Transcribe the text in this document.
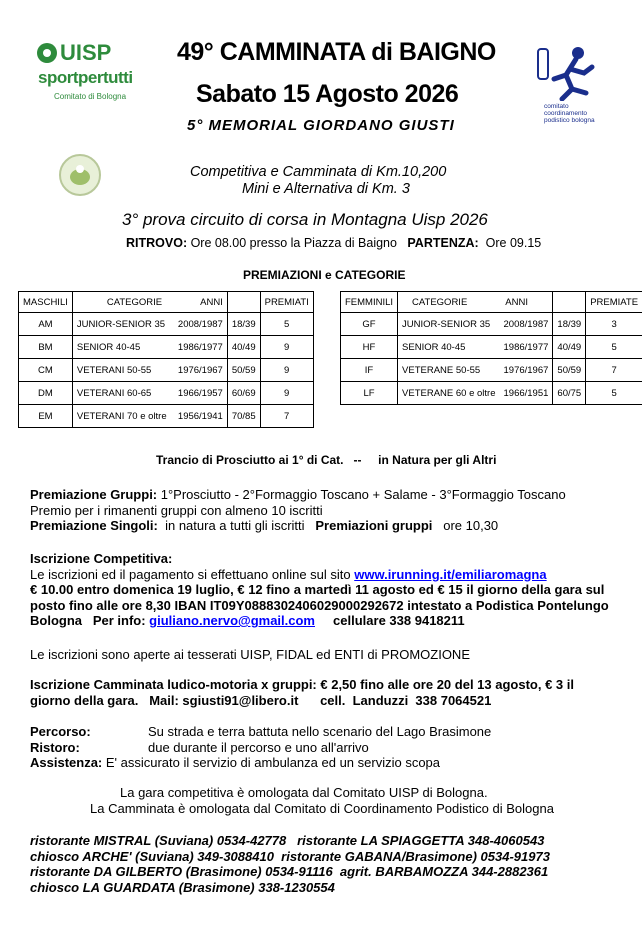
UISP
sportpertutti
Comitato di Bologna
comitato coordinamento podistico bologna
49° CAMMINATA di BAIGNO
Sabato 15 Agosto 2026
5° MEMORIAL GIORDANO GIUSTI
Competitiva e Camminata di Km.10,200
Mini e Alternativa di Km. 3
3° prova circuito di corsa in Montagna Uisp 2026
RITROVO: Ore 08.00 presso la Piazza di Baigno PARTENZA: Ore 09.15
PREMIAZIONI e CATEGORIE
MASCHILI	CATEGORIE ANNI			PREMIATI
AM	JUNIOR-SENIOR 35	2008/1987	18/39	5
BM	SENIOR 40-45	1986/1977	40/49	9
CM	VETERANI 50-55	1976/1967	50/59	9
DM	VETERANI 60-65	1966/1957	60/69	9
EM	VETERANI 70 e oltre	1956/1941	70/85	7
FEMMINILI	CATEGORIE ANNI			PREMIATE
GF	JUNIOR-SENIOR 35	2008/1987	18/39	3
HF	SENIOR 40-45	1986/1977	40/49	5
IF	VETERANE 50-55	1976/1967	50/59	7
LF	VETERANE 60 e oltre	1966/1951	60/75	5
Trancio di Prosciutto ai 1° di Cat.   --     in Natura per gli Altri
Premiazione Gruppi: 1°Prosciutto - 2°Formaggio Toscano + Salame - 3°Formaggio Toscano
Premio per i rimanenti gruppi con almeno 10 iscritti
Premiazione Singoli:  in natura a tutti gli iscritti   Premiazioni gruppi   ore 10,30
Iscrizione Competitiva:
Le iscrizioni ed il pagamento si effettuano online sul sito www.irunning.it/emiliaromagna
€ 10.00 entro domenica 19 luglio, € 12 fino a martedì 11 agosto ed € 15 il giorno della gara sul
posto fino alle ore 8,30 IBAN IT09Y0888302406029000292672 intestato a Podistica Pontelungo
Bologna   Per info: giuliano.nervo@gmail.com     cellulare 338 9418211
Le iscrizioni sono aperte ai tesserati UISP, FIDAL ed ENTI di PROMOZIONE
Iscrizione Camminata ludico-motoria x gruppi: € 2,50 fino alle ore 20 del 13 agosto, € 3 il
giorno della gara.   Mail: sgiusti91@libero.it      cell.  Landuzzi  338 7064521
Percorso:	Su strada e terra battuta nello scenario del Lago Brasimone
Ristoro:	due durante il percorso e uno all'arrivo
Assistenza: E' assicurato il servizio di ambulanza ed un servizio scopa
La gara competitiva è omologata dal Comitato UISP di Bologna.
La Camminata è omologata dal Comitato di Coordinamento Podistico di Bologna
ristorante MISTRAL (Suviana) 0534-42778   ristorante LA SPIAGGETTA 348-4060543
chiosco ARCHE' (Suviana) 349-3088410  ristorante GABANA/Brasimone) 0534-91973
ristorante DA GILBERTO (Brasimone) 0534-91116  agrit. BARBAMOZZA 344-2882361
chiosco LA GUARDATA (Brasimone) 338-1230554
